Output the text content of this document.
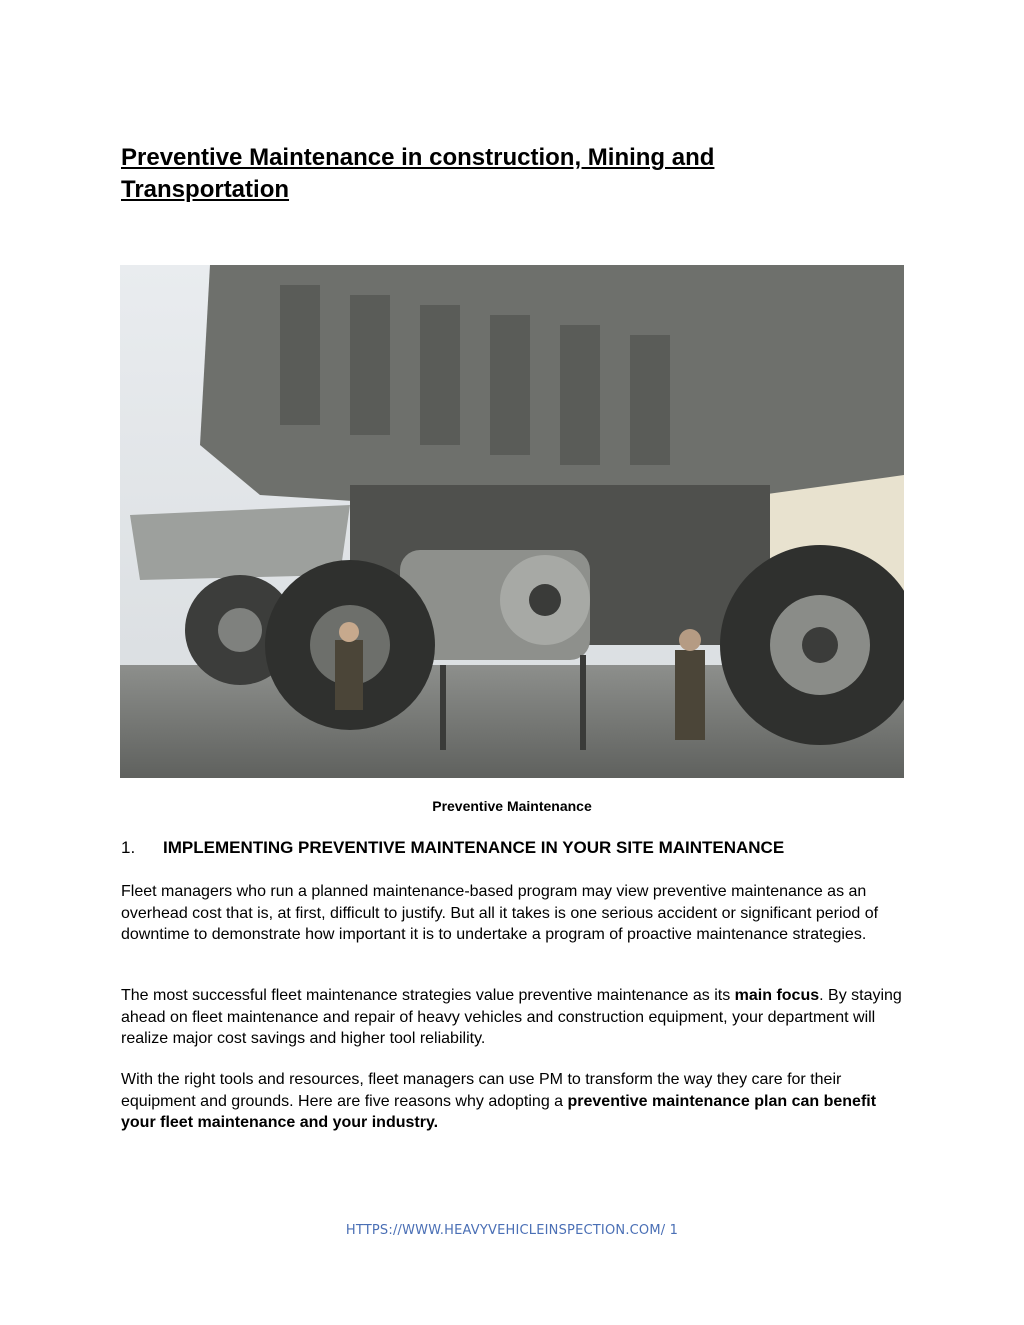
Preventive Maintenance in construction, Mining and Transportation
Preventive Maintenance
1. IMPLEMENTING PREVENTIVE MAINTENANCE IN YOUR SITE MAINTENANCE

Fleet managers who run a planned maintenance-based program may view preventive maintenance as an overhead cost that is, at first, difficult to justify. But all it takes is one serious accident or significant period of downtime to demonstrate how important it is to undertake a program of proactive maintenance strategies.

The most successful fleet maintenance strategies value preventive maintenance as its main focus. By staying ahead on fleet maintenance and repair of heavy vehicles and construction equipment, your department will realize major cost savings and higher tool reliability.

With the right tools and resources, fleet managers can use PM to transform the way they care for their equipment and grounds. Here are five reasons why adopting a preventive maintenance plan can benefit your fleet maintenance and your industry.

HTTPS://WWW.HEAVYVEHICLEINSPECTION.COM/ 1
